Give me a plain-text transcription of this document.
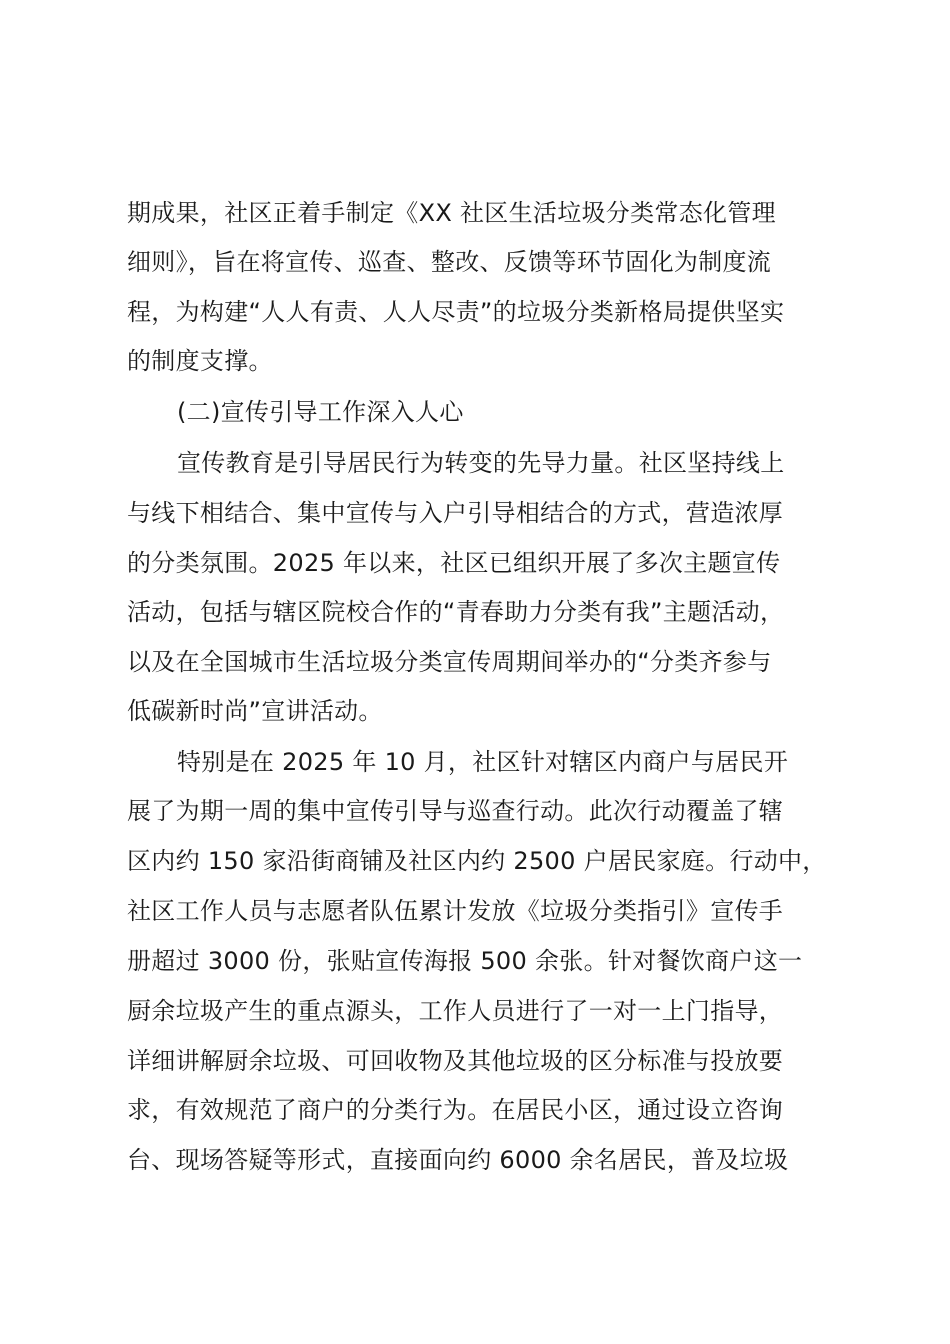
期成果，社区正着手制定《XX 社区生活垃圾分类常态化管理
细则》，旨在将宣传、巡查、整改、反馈等环节固化为制度流
程，为构建“人人有责、人人尽责”的垃圾分类新格局提供坚实
的制度支撑。
(二)宣传引导工作深入人心
宣传教育是引导居民行为转变的先导力量。社区坚持线上
与线下相结合、集中宣传与入户引导相结合的方式，营造浓厚
的分类氛围。2025 年以来，社区已组织开展了多次主题宣传
活动，包括与辖区院校合作的“青春助力分类有我”主题活动，
以及在全国城市生活垃圾分类宣传周期间举办的“分类齐参与
低碳新时尚”宣讲活动。
特别是在 2025 年 10 月，社区针对辖区内商户与居民开
展了为期一周的集中宣传引导与巡查行动。此次行动覆盖了辖
区内约 150 家沿街商铺及社区内约 2500 户居民家庭。行动中，
社区工作人员与志愿者队伍累计发放《垃圾分类指引》宣传手
册超过 3000 份，张贴宣传海报 500 余张。针对餐饮商户这一
厨余垃圾产生的重点源头，工作人员进行了一对一上门指导，
详细讲解厨余垃圾、可回收物及其他垃圾的区分标准与投放要
求，有效规范了商户的分类行为。在居民小区，通过设立咨询
台、现场答疑等形式，直接面向约 6000 余名居民，普及垃圾
